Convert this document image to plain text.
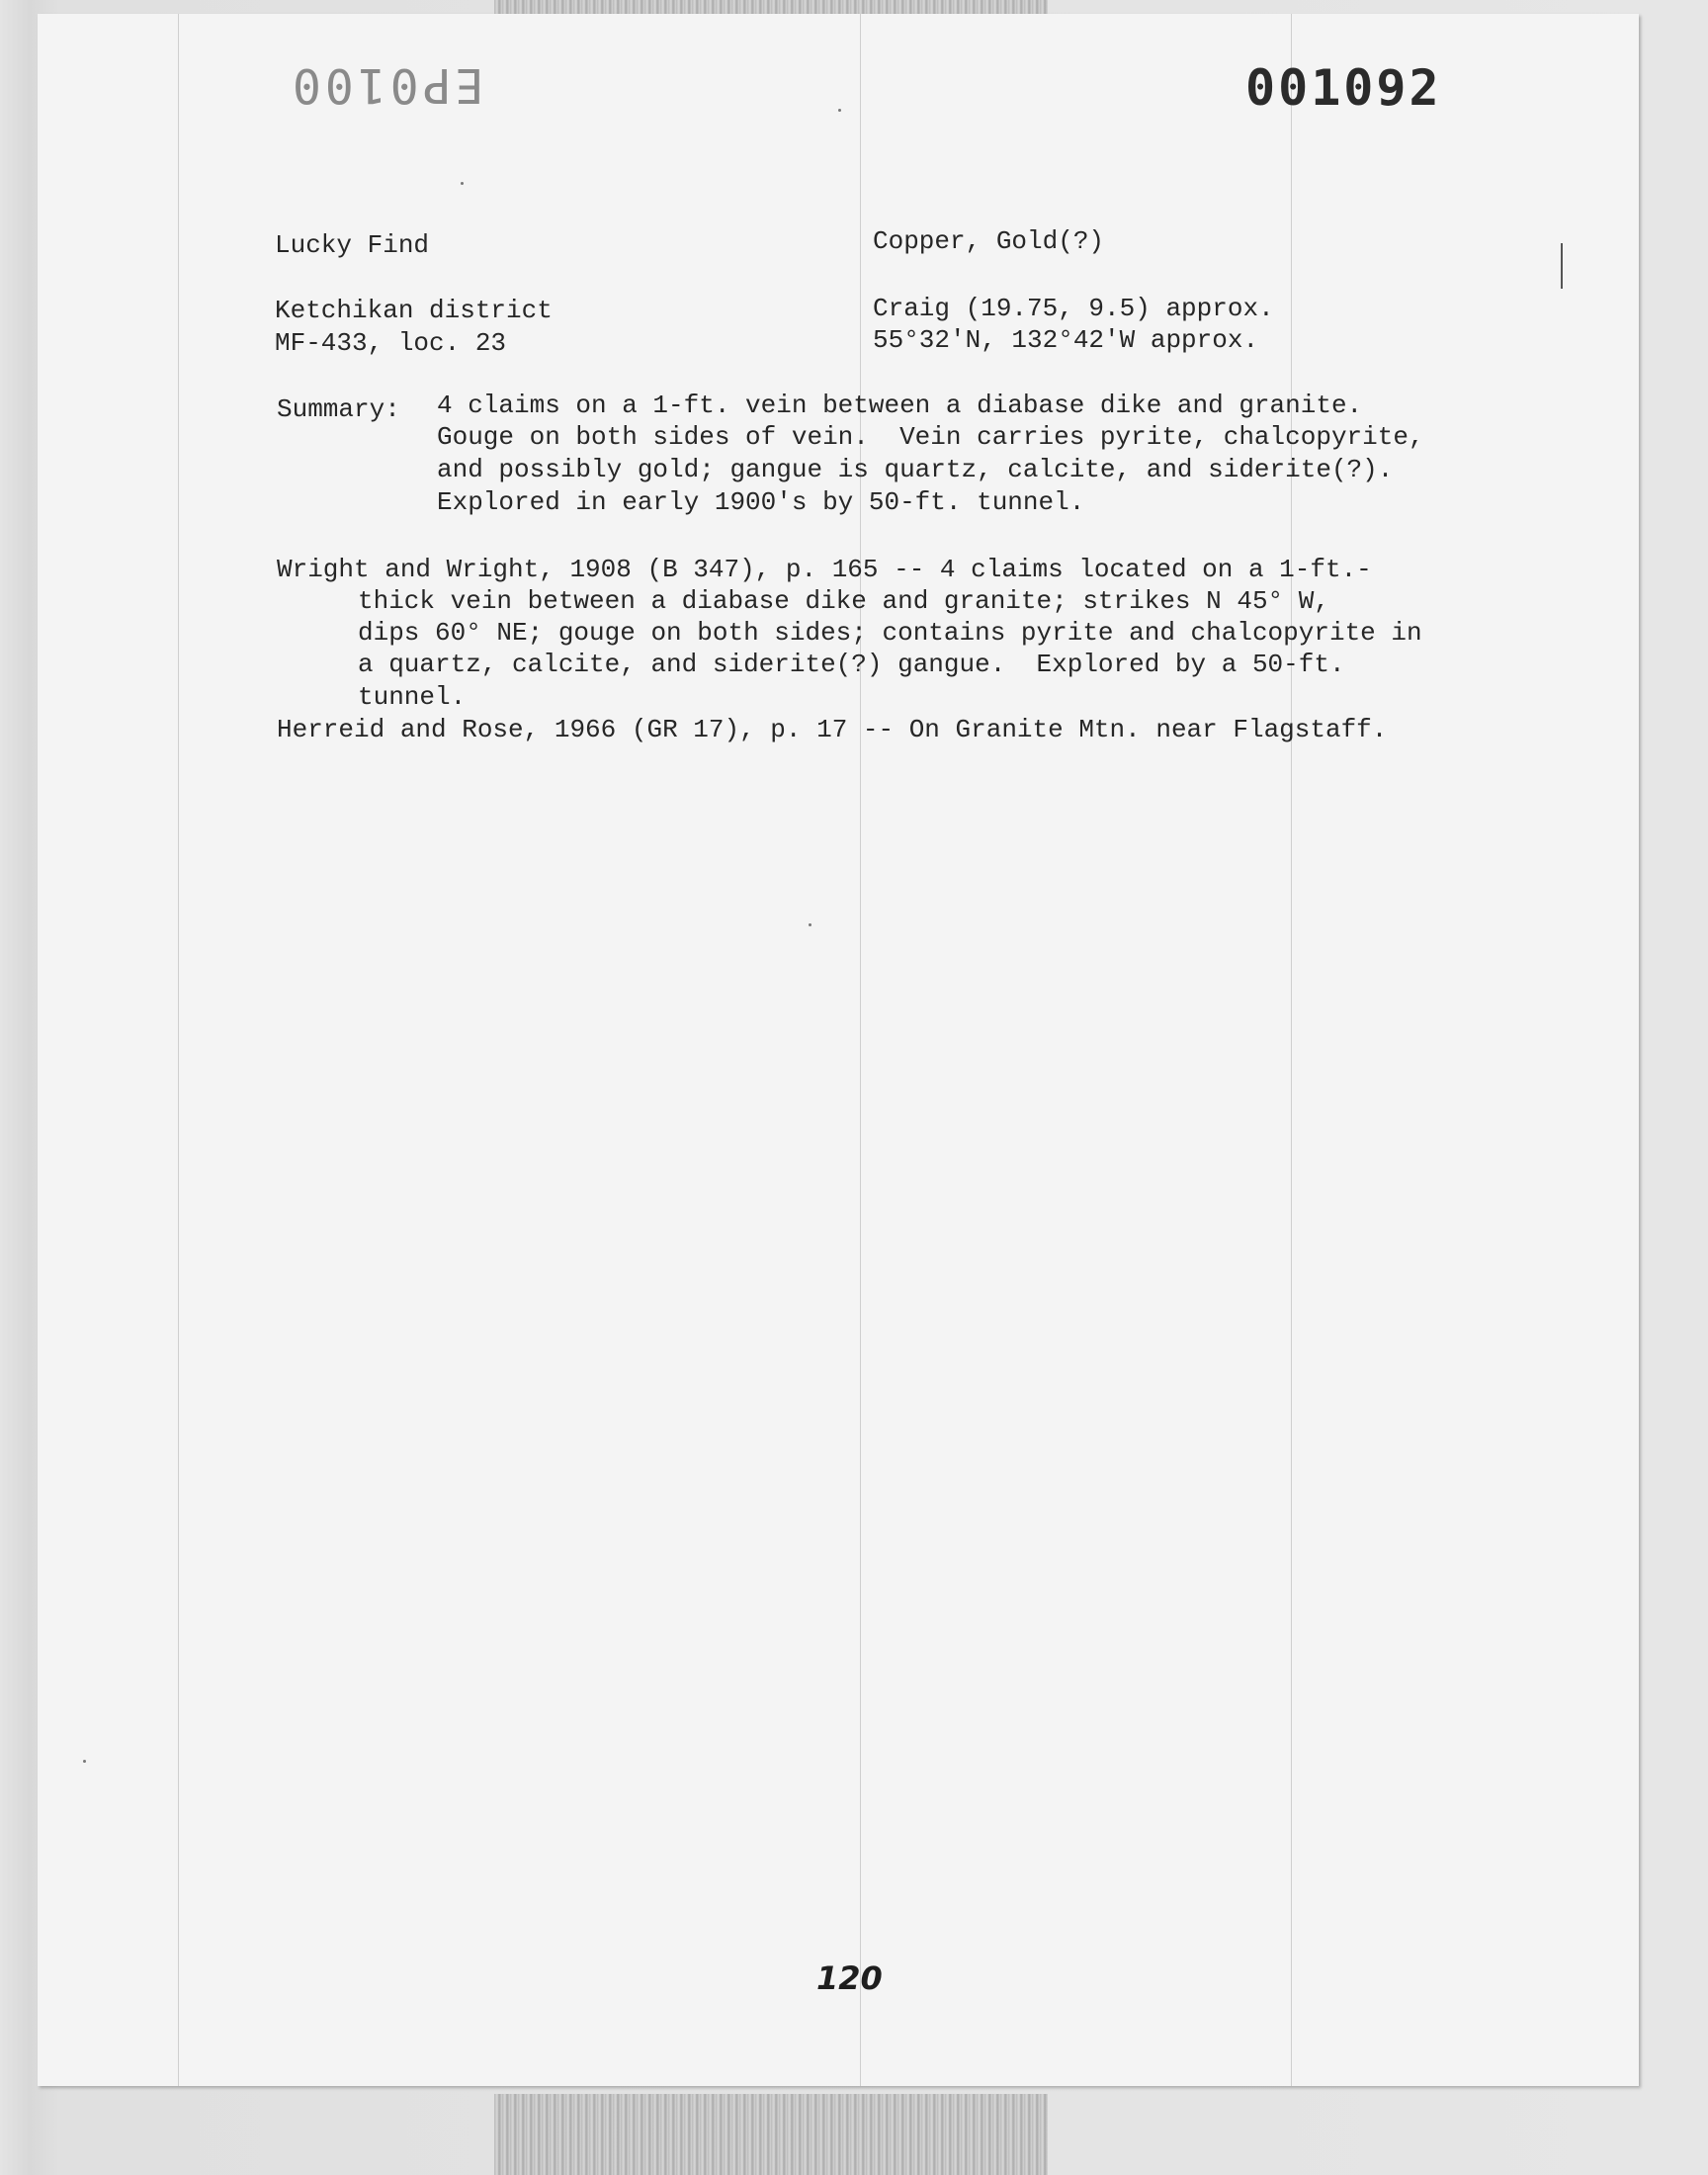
EP0100	001092
Lucky Find	Copper, Gold(?)
Ketchikan district	Craig (19.75, 9.5) approx.
MF-433, loc. 23	55°32'N, 132°42'W approx.
Summary: 4 claims on a 1-ft. vein between a diabase dike and granite.
Gouge on both sides of vein.  Vein carries pyrite, chalcopyrite,
and possibly gold; gangue is quartz, calcite, and siderite(?).
Explored in early 1900's by 50-ft. tunnel.
Wright and Wright, 1908 (B 347), p. 165 -- 4 claims located on a 1-ft.-
thick vein between a diabase dike and granite; strikes N 45° W,
dips 60° NE; gouge on both sides; contains pyrite and chalcopyrite in
a quartz, calcite, and siderite(?) gangue.  Explored by a 50-ft.
tunnel.
Herreid and Rose, 1966 (GR 17), p. 17 -- On Granite Mtn. near Flagstaff.
120
